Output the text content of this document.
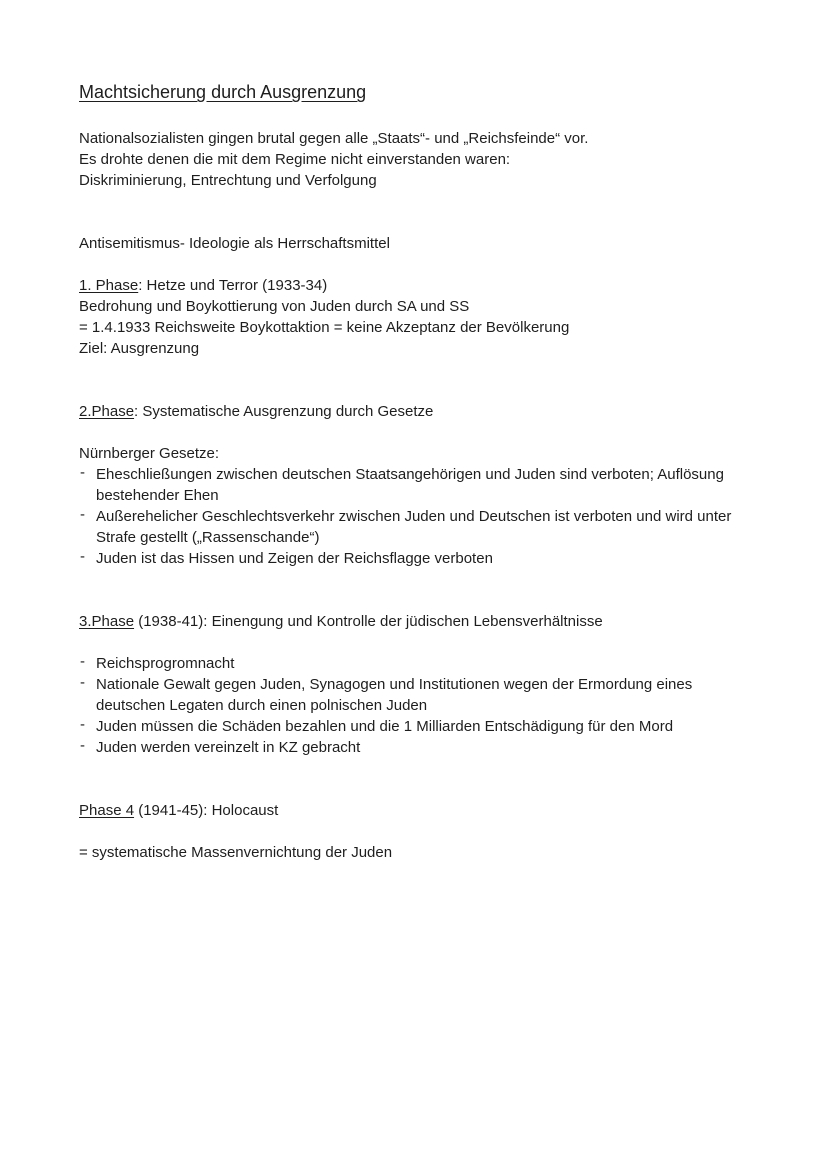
Machtsicherung durch Ausgrenzung

Nationalsozialisten gingen brutal gegen alle „Staats“- und „Reichsfeinde“ vor.

Es drohte denen die mit dem Regime nicht einverstanden waren:

Diskriminierung, Entrechtung und Verfolgung

Antisemitismus- Ideologie als Herrschaftsmittel

1. Phase: Hetze und Terror (1933-34)

Bedrohung und Boykottierung von Juden durch SA und SS

= 1.4.1933 Reichsweite Boykottaktion = keine Akzeptanz der Bevölkerung

Ziel: Ausgrenzung

2.Phase: Systematische Ausgrenzung durch Gesetze

Nürnberger Gesetze:

- Eheschließungen zwischen deutschen Staatsangehörigen und Juden sind verboten; Auflösung bestehender Ehen
- Außerehelicher Geschlechtsverkehr zwischen Juden und Deutschen ist verboten und wird unter Strafe gestellt („Rassenschande“)
- Juden ist das Hissen und Zeigen der Reichsflagge verboten

3.Phase (1938-41): Einengung und Kontrolle der jüdischen Lebensverhältnisse

- Reichsprogromnacht
- Nationale Gewalt gegen Juden, Synagogen und Institutionen wegen der Ermordung eines deutschen Legaten durch einen polnischen Juden
- Juden müssen die Schäden bezahlen und die 1 Milliarden Entschädigung für den Mord
- Juden werden vereinzelt in KZ gebracht

Phase 4 (1941-45): Holocaust

= systematische Massenvernichtung der Juden
